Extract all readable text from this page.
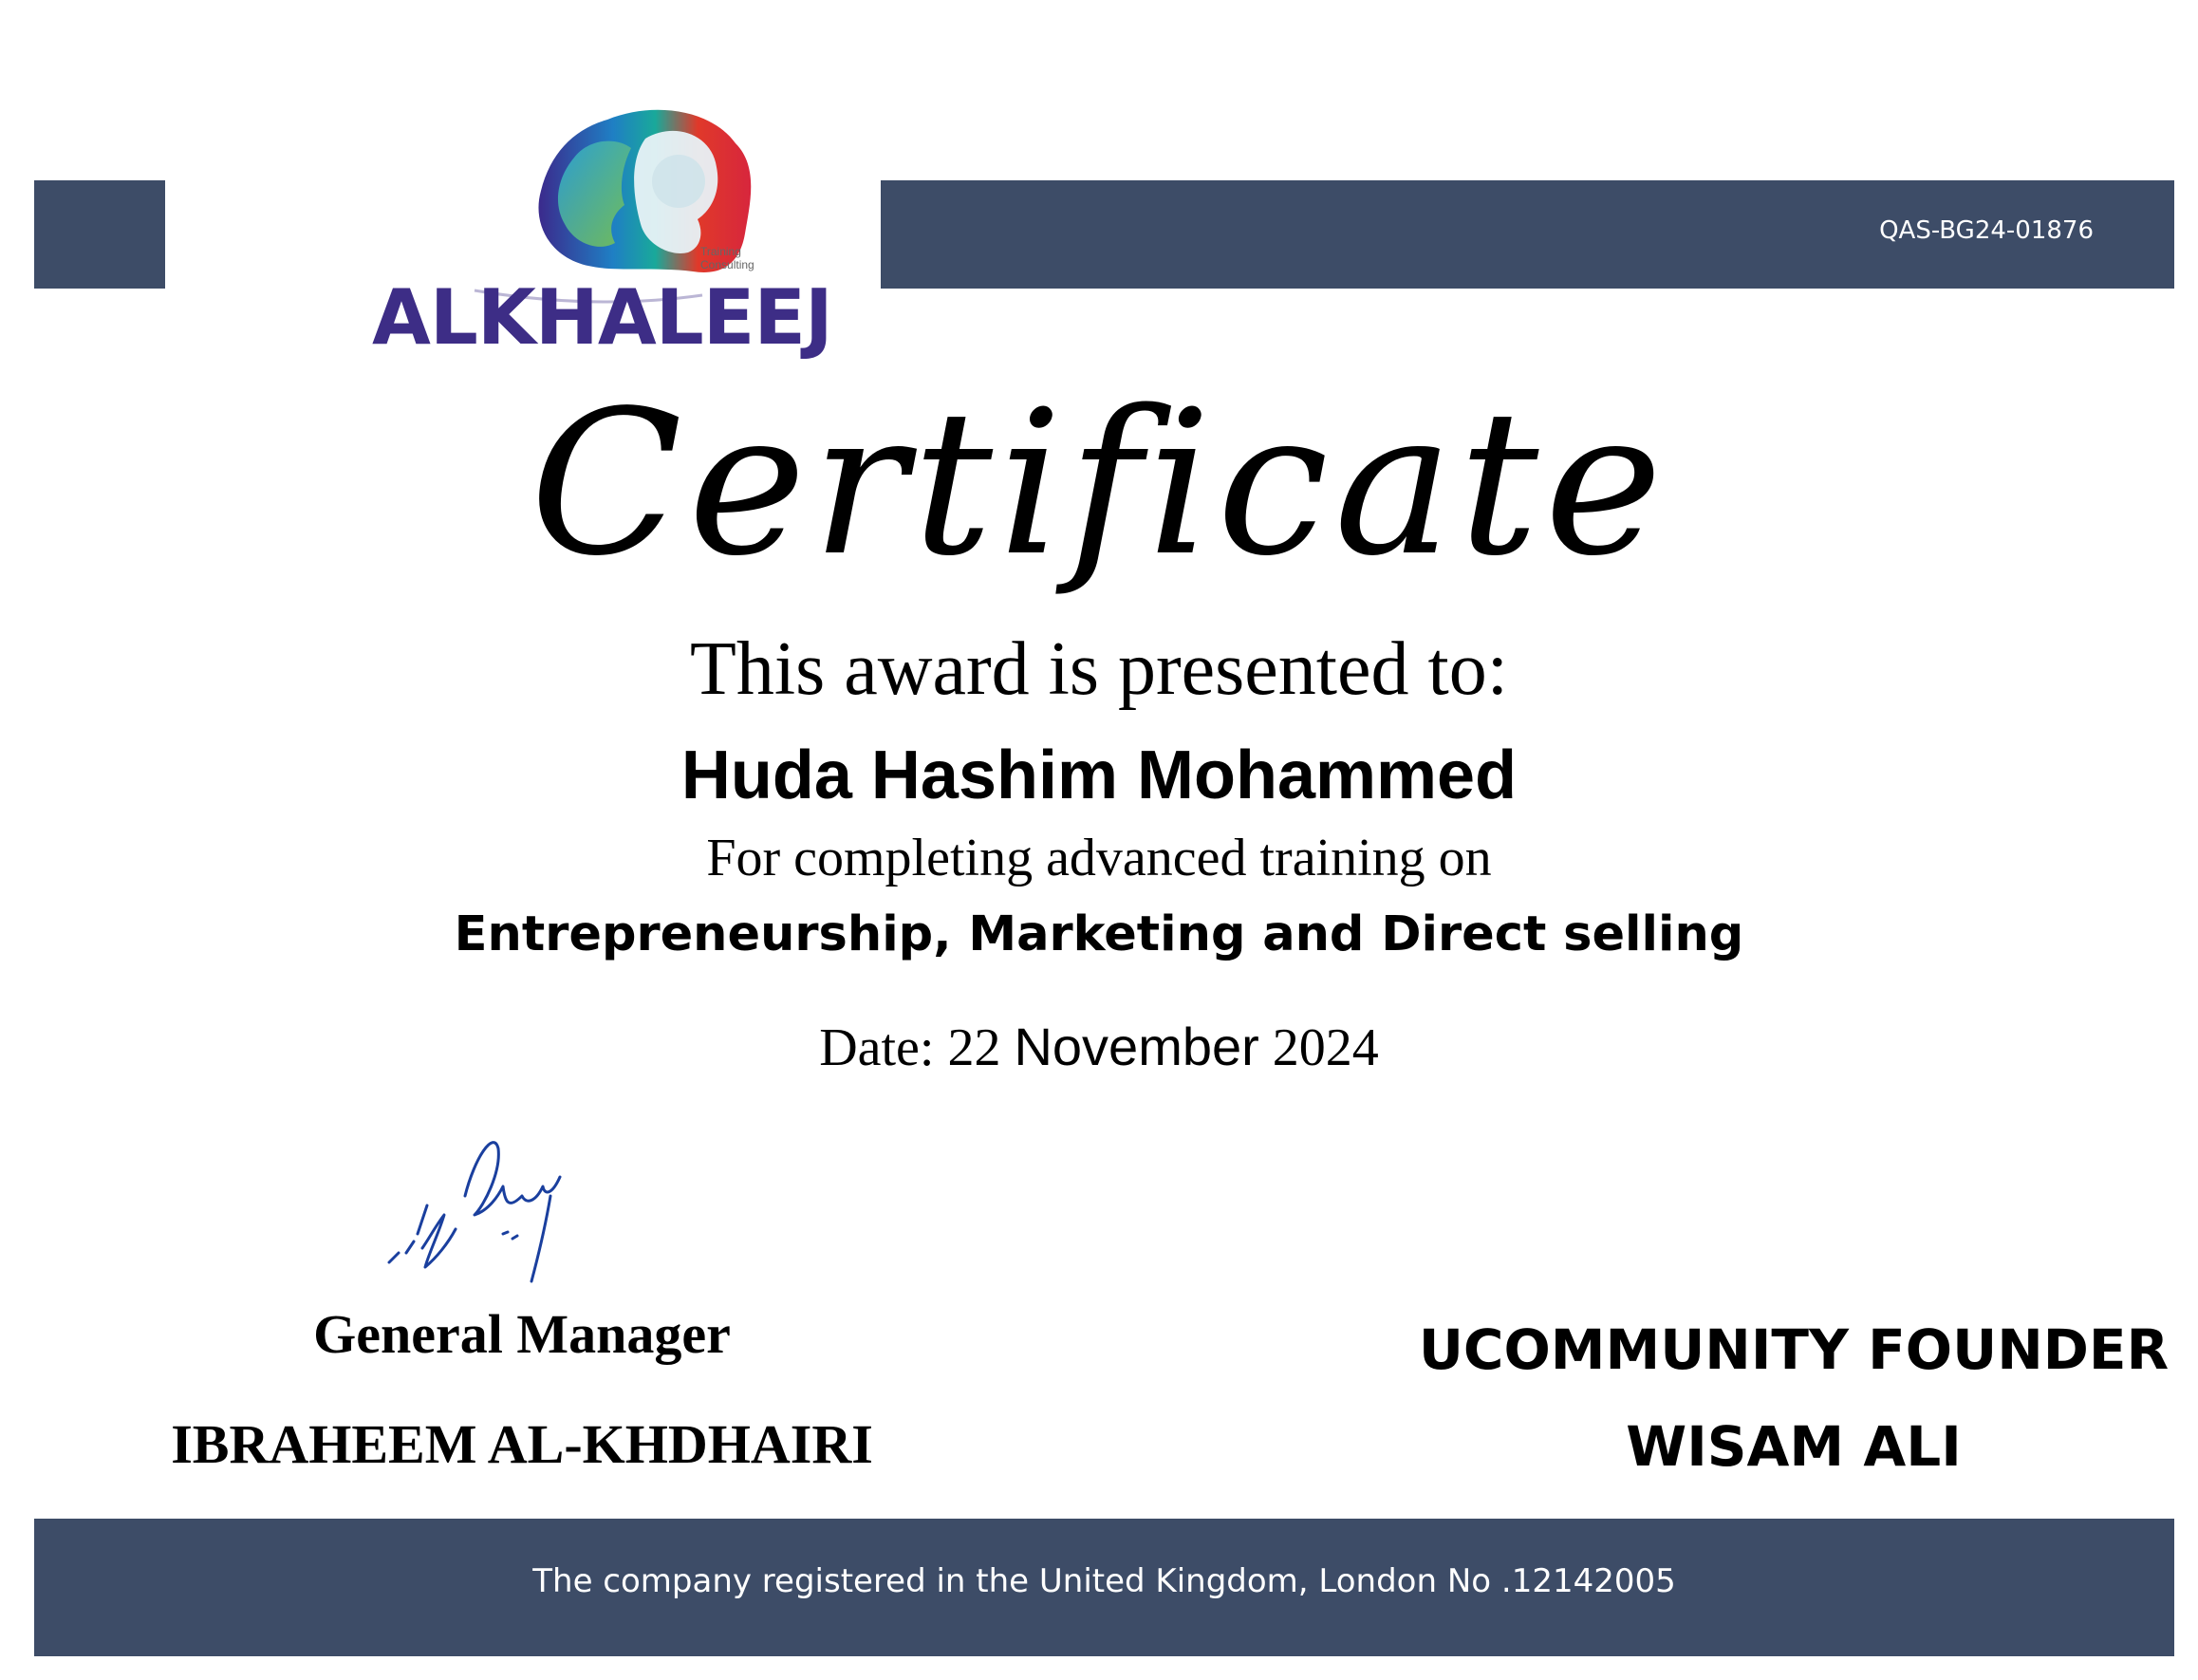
QAS-BG24-01876
ALKHALEEJ
Training
Consulting
Certificate
This award is presented to:
Huda Hashim Mohammed
For completing advanced training on
Entrepreneurship, Marketing and Direct selling
Date: 22 November 2024
General Manager
IBRAHEEM AL-KHDHAIRI
UCOMMUNITY FOUNDER
WISAM ALI
The company registered in the United Kingdom, London No .12142005
